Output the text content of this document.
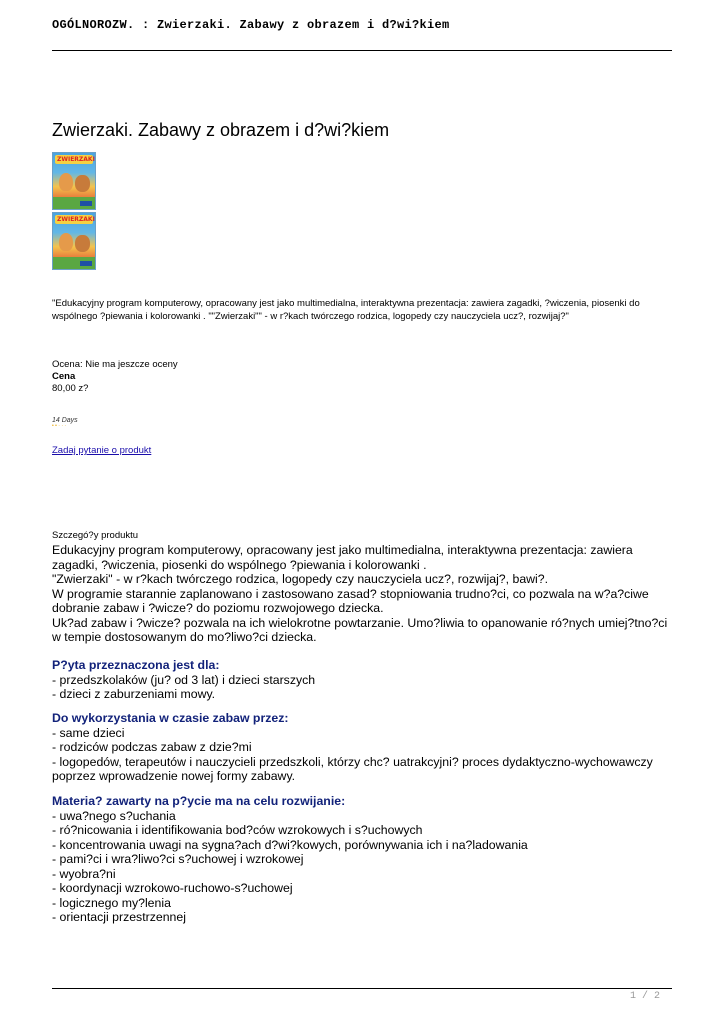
OGÓLNOROZW. : Zwierzaki. Zabawy z obrazem i d?wi?kiem
Zwierzaki. Zabawy z obrazem i d?wi?kiem
ZWIERZAKI
ZWIERZAKI
"Edukacyjny program komputerowy, opracowany jest jako multimedialna, interaktywna prezentacja: zawiera zagadki, ?wiczenia, piosenki do wspólnego ?piewania i kolorowanki . ""Zwierzaki"" - w r?kach twórczego rodzica, logopedy czy nauczyciela ucz?, rozwijaj?"
Ocena: Nie ma jeszcze oceny
Cena
80,00 z?
14 Days
• • · · ·
Zadaj pytanie o produkt
Szczegó?y produktu

Edukacyjny program komputerowy, opracowany jest jako multimedialna, interaktywna prezentacja: zawiera zagadki, ?wiczenia, piosenki do wspólnego ?piewania i kolorowanki .

"Zwierzaki" - w r?kach twórczego rodzica, logopedy czy nauczyciela ucz?, rozwijaj?, bawi?.

W programie starannie zaplanowano i zastosowano zasad? stopniowania trudno?ci, co pozwala na w?a?ciwe dobranie zabaw i ?wicze? do poziomu rozwojowego dziecka.

Uk?ad zabaw i ?wicze? pozwala na ich wielokrotne powtarzanie. Umo?liwia to opanowanie ró?nych umiej?tno?ci w tempie dostosowanym do mo?liwo?ci dziecka.

P?yta przeznaczona jest dla:
- przedszkolaków (ju? od 3 lat) i dzieci starszych
- dzieci z zaburzeniami mowy.
Do wykorzystania w czasie zabaw przez:
- same dzieci
- rodziców podczas zabaw z dzie?mi
- logopedów, terapeutów i nauczycieli przedszkoli, którzy chc? uatrakcyjni? proces dydaktyczno-wychowawczy poprzez wprowadzenie nowej formy zabawy.
Materia? zawarty na p?ycie ma na celu rozwijanie:
- uwa?nego s?uchania
- ró?nicowania i identifikowania bod?ców wzrokowych i s?uchowych
- koncentrowania uwagi na sygna?ach d?wi?kowych, porównywania ich i na?ladowania
- pami?ci i wra?liwo?ci s?uchowej i wzrokowej
- wyobra?ni
- koordynacji wzrokowo-ruchowo-s?uchowej
- logicznego my?lenia
- orientacji przestrzennej
1 / 2
